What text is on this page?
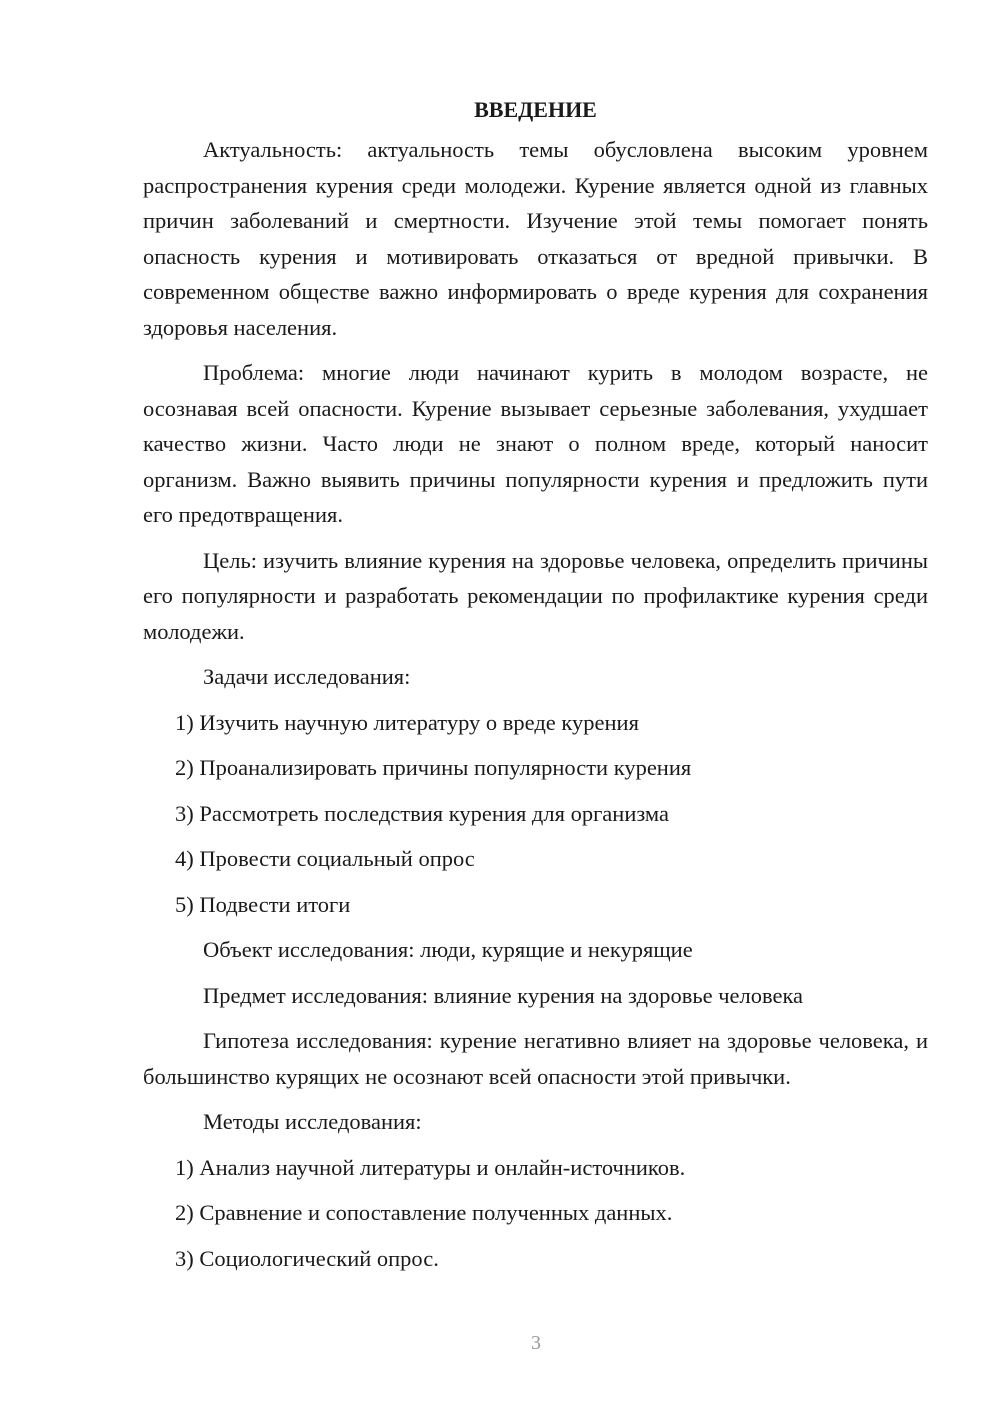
ВВЕДЕНИЕ

Актуальность: актуальность темы обусловлена высоким уровнем распространения курения среди молодежи. Курение является одной из главных причин заболеваний и смертности. Изучение этой темы помогает понять опасность курения и мотивировать отказаться от вредной привычки. В современном обществе важно информировать о вреде курения для сохранения здоровья населения.

Проблема: многие люди начинают курить в молодом возрасте, не осознавая всей опасности. Курение вызывает серьезные заболевания, ухудшает качество жизни. Часто люди не знают о полном вреде, который наносит организм. Важно выявить причины популярности курения и предложить пути его предотвращения.

Цель: изучить влияние курения на здоровье человека, определить причины его популярности и разработать рекомендации по профилактике курения среди молодежи.

Задачи исследования:

1) Изучить научную литературу о вреде курения

2) Проанализировать причины популярности курения

3) Рассмотреть последствия курения для организма

4) Провести социальный опрос

5) Подвести итоги

Объект исследования: люди, курящие и некурящие

Предмет исследования: влияние курения на здоровье человека

Гипотеза исследования: курение негативно влияет на здоровье человека, и большинство курящих не осознают всей опасности этой привычки.

Методы исследования:

1) Анализ научной литературы и онлайн-источников.

2) Сравнение и сопоставление полученных данных.

3) Социологический опрос.

3
